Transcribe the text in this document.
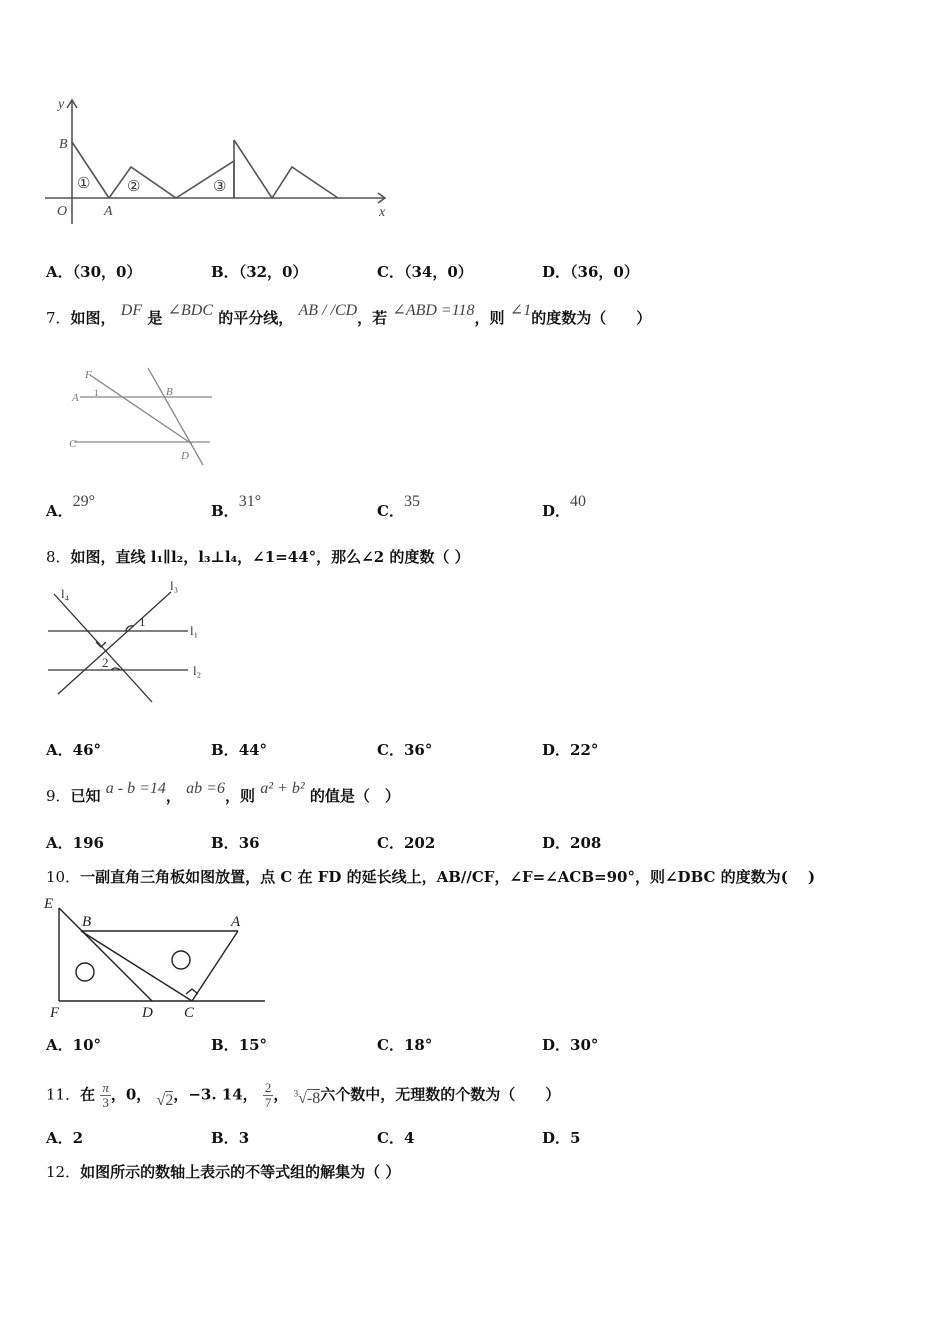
y
x
B
O	A
① ②	③
A．（30，0）	B．（32，0）	C．（34，0）	D．（36，0）
7．如图， DF 是 ∠BDC 的平分线， AB / /CD，若 ∠ABD =118，则 ∠1的度数为（　　）
F
A	B
C
D
1
A．29°
B．31°
C．35
D．40
8．如图，直线 l₁∥l₂，l₃⊥l₄，∠1=44°，那么∠2 的度数（ ）
l₄
l₃
l₁
l₂
1
2
A．46°	B．44°	C．36°	D．22°
9．已知 a - b =14， ab =6，则 a² + b² 的值是（　）
A．196	B．36	C．202	D．208
10．一副直角三角板如图放置，点 C 在 FD 的延长线上，AB//CF，∠F=∠ACB=90°，则∠DBC 的度数为(　 )
E
B	A
F	D C
A．10°	B．15°	C．18°	D．30°
11．在 $\frac{\pi}{3}$ ，0， √2，−3. 14， $\frac{2}{7}$ ， $^3$√-8六个数中，无理数的个数为（　　）
A．2	B．3	C．4	D．5
12．如图所示的数轴上表示的不等式组的解集为（ ）
